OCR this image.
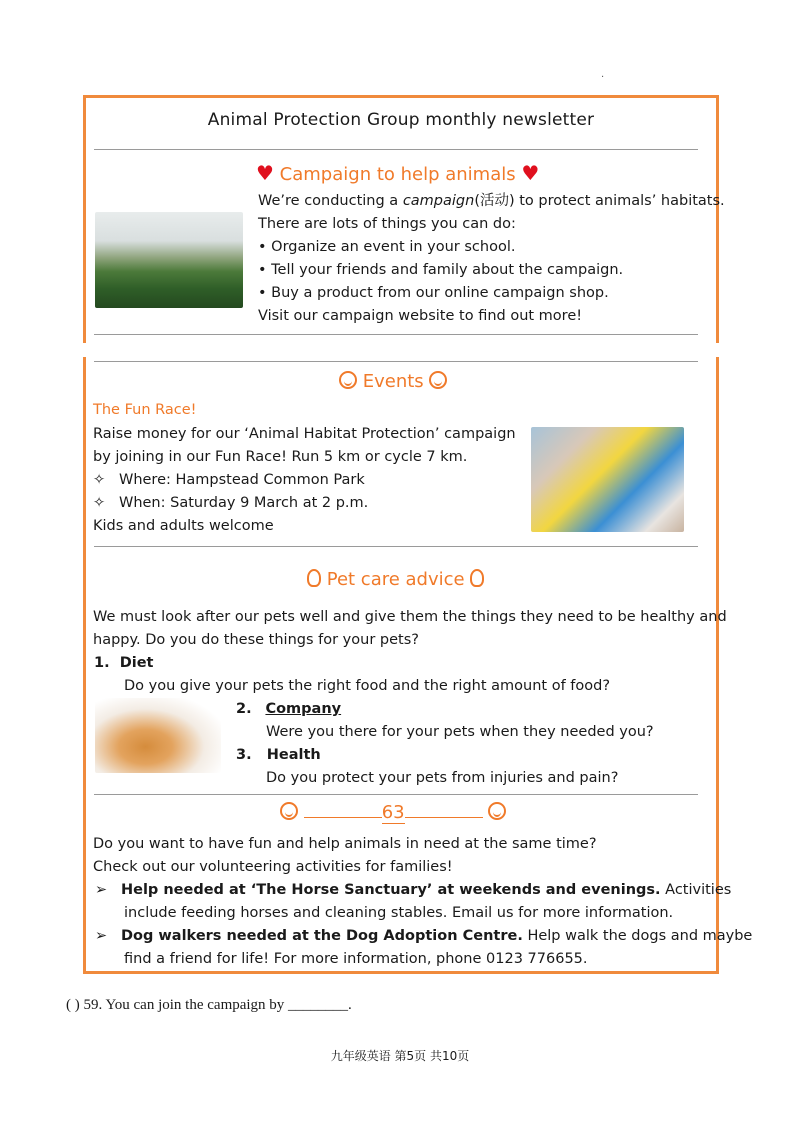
·
Animal Protection Group monthly newsletter
♥ Campaign to help animals ♥
We’re conducting a campaign(活动) to protect animals’ habitats.
There are lots of things you can do:
• Organize an event in your school.
• Tell your friends and family about the campaign.
• Buy a product from our online campaign shop.
Visit our campaign website to find out more!
Events
The Fun Race!
Raise money for our ‘Animal Habitat Protection’ campaign
by joining in our Fun Race! Run 5 km or cycle 7 km.
✧ Where: Hampstead Common Park
✧ When: Saturday 9 March at 2 p.m.
Kids and adults welcome
Pet care advice
We must look after our pets well and give them the things they need to be healthy and
happy. Do you do these things for your pets?
1. Diet
Do you give your pets the right food and the right amount of food?
2. Company
Were you there for your pets when they needed you?
3. Health
Do you protect your pets from injuries and pain?
63
Do you want to have fun and help animals in need at the same time?
Check out our volunteering activities for families!
➢ Help needed at ‘The Horse Sanctuary’ at weekends and evenings. Activities
include feeding horses and cleaning stables. Email us for more information.
➢ Dog walkers needed at the Dog Adoption Centre. Help walk the dogs and maybe
find a friend for life! For more information, phone 0123 776655.
( ) 59. You can join the campaign by ________.
九年级英语 第5页 共10页
